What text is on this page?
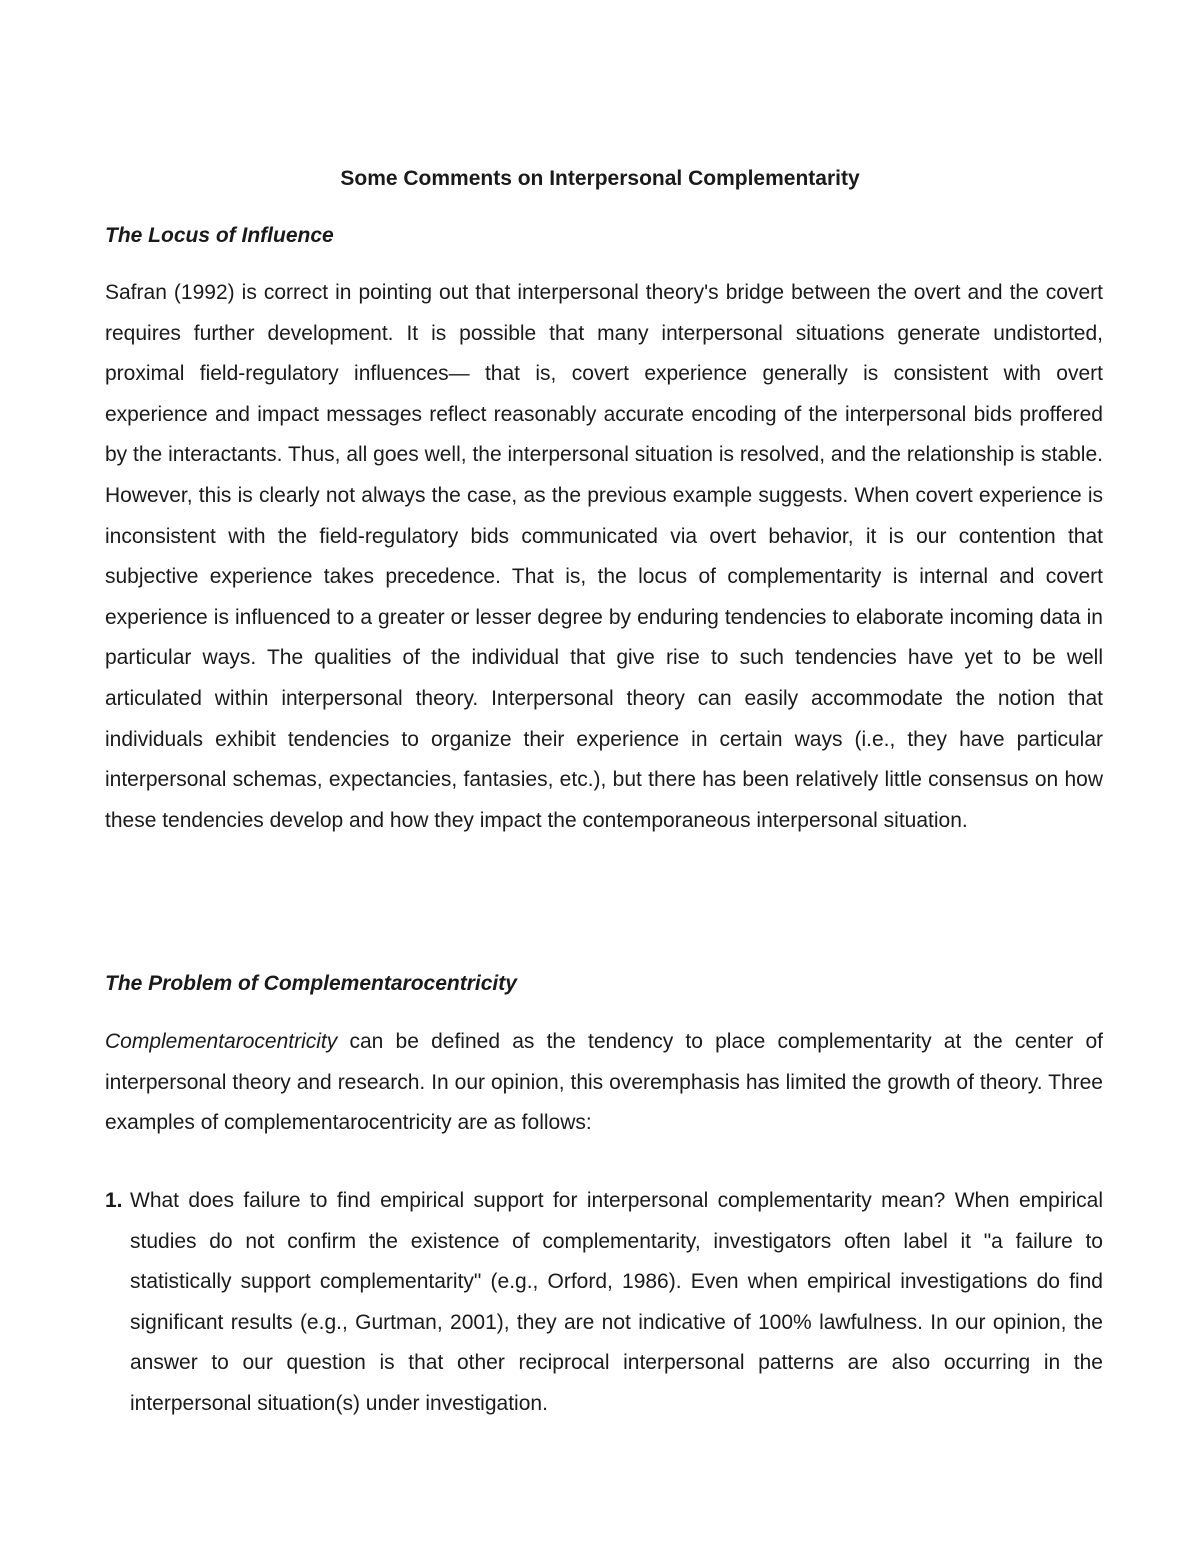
Some Comments on Interpersonal Complementarity
The Locus of Influence

Safran (1992) is correct in pointing out that interpersonal theory's bridge between the overt and the covert requires further development. It is possible that many interpersonal situations generate undistorted, proximal field-regulatory influences— that is, covert experience generally is consistent with overt experience and impact messages reflect reasonably accurate encoding of the interpersonal bids proffered by the interactants. Thus, all goes well, the interpersonal situation is resolved, and the relationship is stable. However, this is clearly not always the case, as the previous example suggests. When covert experience is inconsistent with the field-regulatory bids communicated via overt behavior, it is our contention that subjective experience takes precedence. That is, the locus of complementarity is internal and covert experience is influenced to a greater or lesser degree by enduring tendencies to elaborate incoming data in particular ways. The qualities of the individual that give rise to such tendencies have yet to be well articulated within interpersonal theory. Interpersonal theory can easily accommodate the notion that individuals exhibit tendencies to organize their experience in certain ways (i.e., they have particular interpersonal schemas, expectancies, fantasies, etc.), but there has been relatively little consensus on how these tendencies develop and how they impact the contemporaneous interpersonal situation.

The Problem of Complementarocentricity

Complementarocentricity can be defined as the tendency to place complementarity at the center of interpersonal theory and research. In our opinion, this overemphasis has limited the growth of theory. Three examples of complementarocentricity are as follows:

1. What does failure to find empirical support for interpersonal complementarity mean? When empirical studies do not confirm the existence of complementarity, investigators often label it "a failure to statistically support complementarity" (e.g., Orford, 1986). Even when empirical investigations do find significant results (e.g., Gurtman, 2001), they are not indicative of 100% lawfulness. In our opinion, the answer to our question is that other reciprocal interpersonal patterns are also occurring in the interpersonal situation(s) under investigation.
